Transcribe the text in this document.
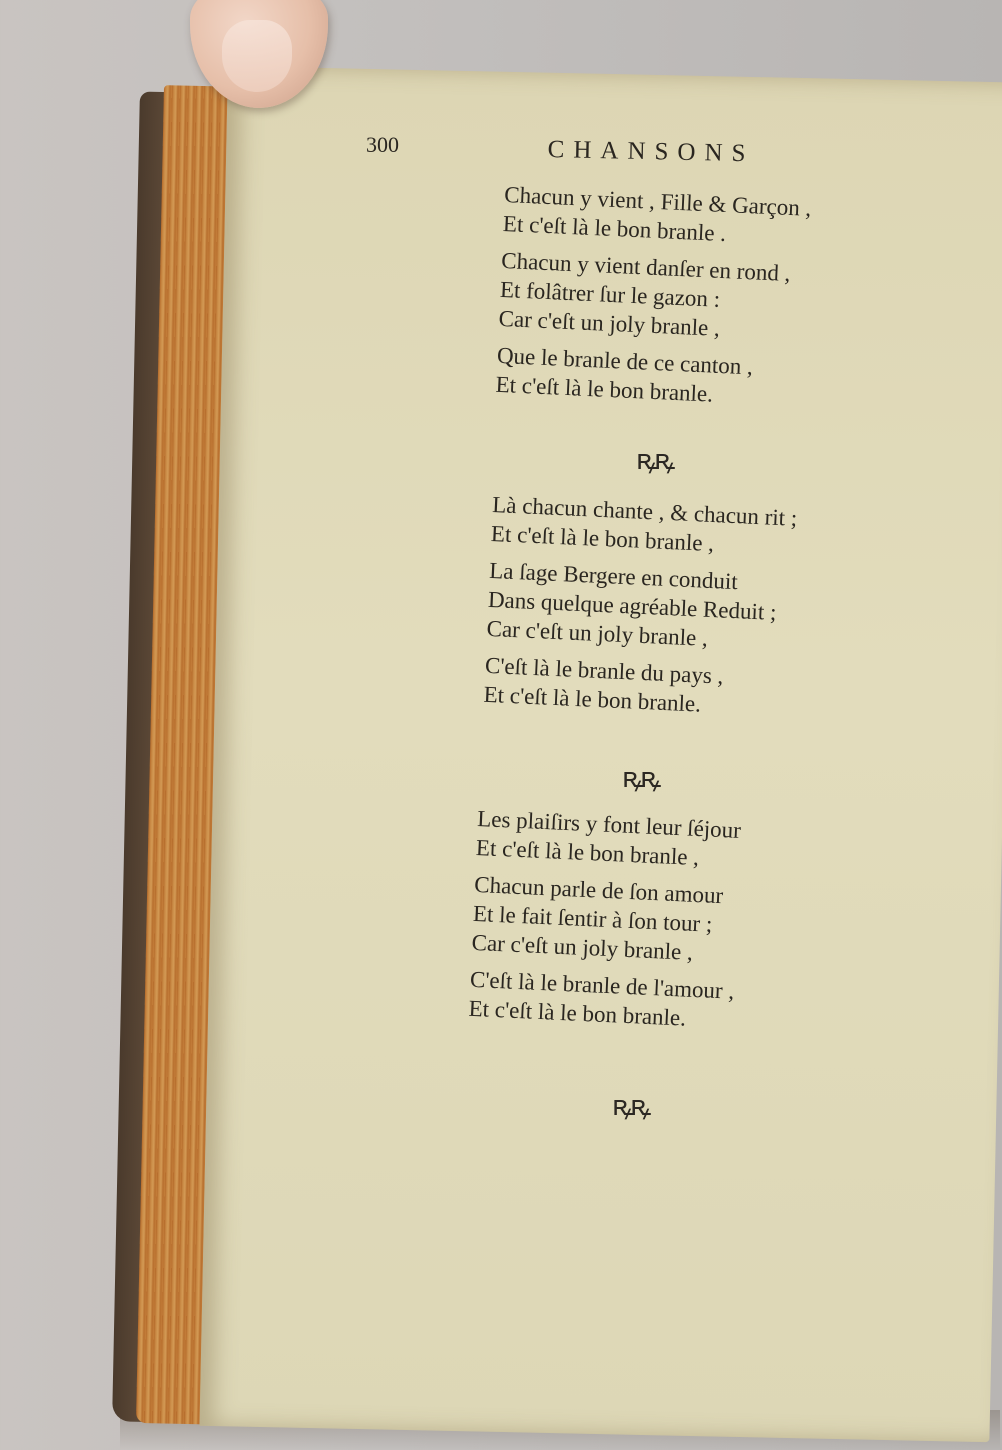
300	CHANSONS

Chacun y vient , Fille & Garçon ,
Et c'eſt là le bon branle .

Chacun y vient danſer en rond ,
Et folâtrer ſur le gazon :
Car c'eſt un joly branle ,

Que le branle de ce canton ,
Et c'eſt là le bon branle.

ꝶꝶ

Là chacun chante , & chacun rit ;
Et c'eſt là le bon branle ,

La ſage Bergere en conduit
Dans quelque agréable Reduit ;
Car c'eſt un joly branle ,

C'eſt là le branle du pays ,
Et c'eſt là le bon branle.

ꝶꝶ

Les plaiſirs y font leur ſéjour
Et c'eſt là le bon branle ,

Chacun parle de ſon amour
Et le fait ſentir à ſon tour ;
Car c'eſt un joly branle ,

C'eſt là le branle de l'amour ,
Et c'eſt là le bon branle.

ꝶꝶ
